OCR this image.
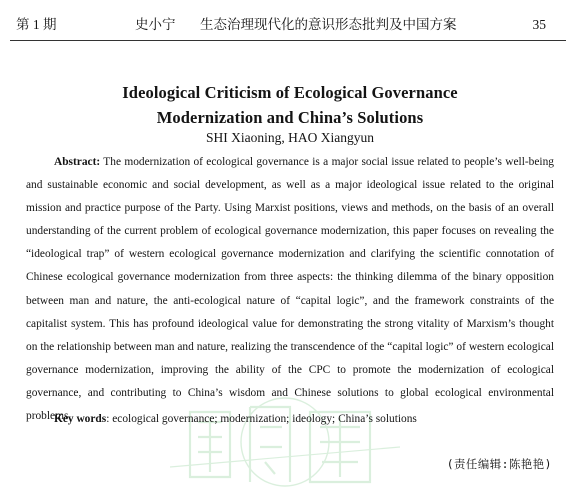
第 1 期	史小宁 生态治理现代化的意识形态批判及中国方案	35
Ideological Criticism of Ecological Governance
Modernization and China’s Solutions
SHI Xiaoning, HAO Xiangyun
Abstract: The modernization of ecological governance is a major social issue related to people’s well-being and sustainable economic and social development, as well as a major ideological issue related to the original mission and practice purpose of the Party. Using Marxist positions, views and methods, on the basis of an overall understanding of the current problem of ecological governance modernization, this paper focuses on revealing the “ideological trap” of western ecological governance modernization and clarifying the scientific connotation of Chinese ecological governance modernization from three aspects: the thinking dilemma of the binary opposition between man and nature, the anti-ecological nature of “capital logic”, and the framework constraints of the capitalist system. This has profound ideological value for demonstrating the strong vitality of Marxism’s thought on the relationship between man and nature, realizing the transcendence of the “capital logic” of western ecological governance modernization, improving the ability of the CPC to promote the modernization of ecological governance, and contributing to China’s wisdom and Chinese solutions to global ecological environmental problems.
Key words: ecological governance; modernization; ideology; China’s solutions
(责任编辑:陈艳艳)
